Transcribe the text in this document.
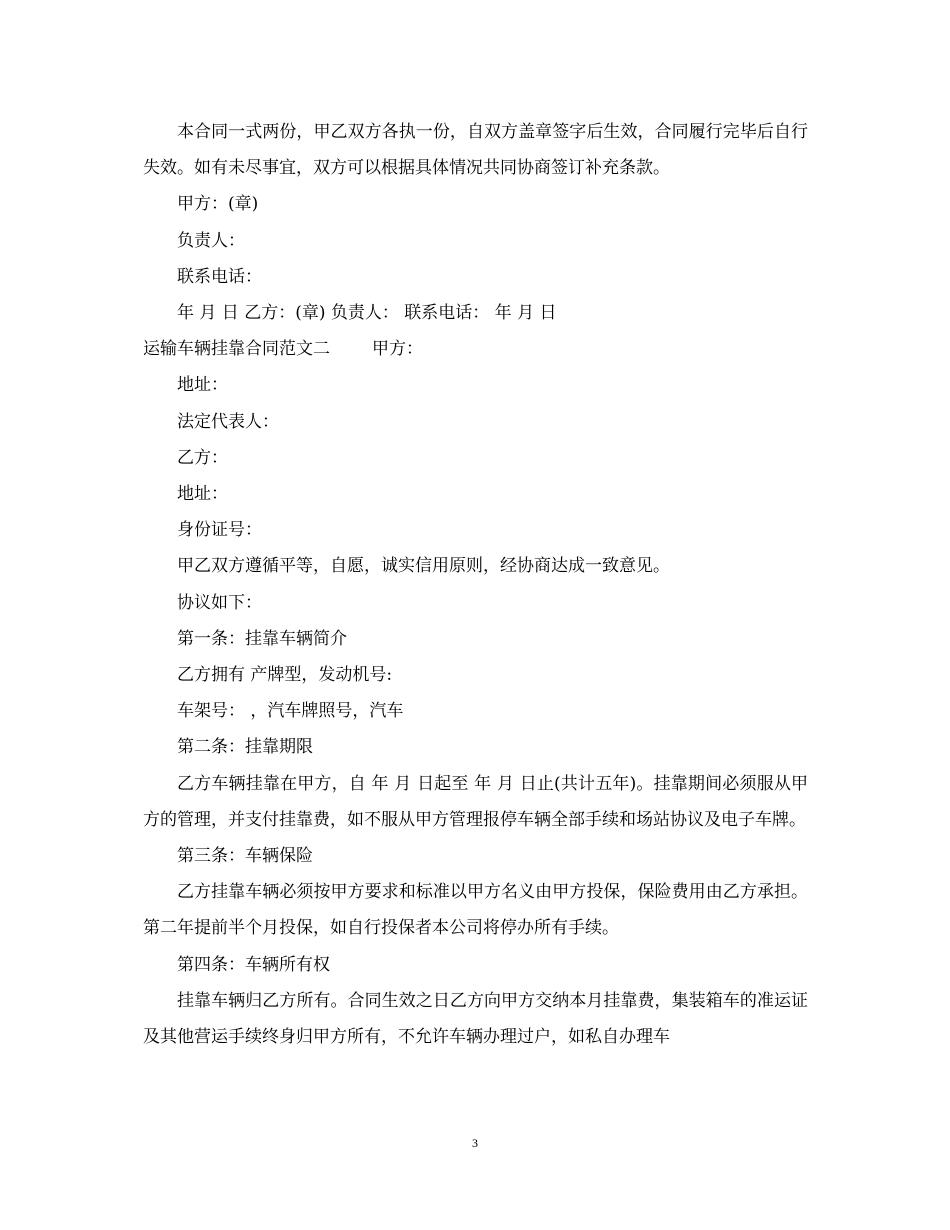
本合同一式两份，甲乙双方各执一份，自双方盖章签字后生效，合同履行完毕后自行失效。如有未尽事宜，双方可以根据具体情况共同协商签订补充条款。

甲方：(章)

负责人：

联系电话：

年 月 日 乙方：(章) 负责人： 联系电话： 年 月 日

运输车辆挂靠合同范文二 甲方：

地址：

法定代表人：

乙方：

地址：

身份证号：

甲乙双方遵循平等，自愿，诚实信用原则，经协商达成一致意见。

协议如下：

第一条：挂靠车辆简介

乙方拥有 产牌型，发动机号:

车架号： ，汽车牌照号，汽车

第二条：挂靠期限

乙方车辆挂靠在甲方，自 年 月 日起至 年 月 日止(共计五年)。挂靠期间必须服从甲方的管理，并支付挂靠费，如不服从甲方管理报停车辆全部手续和场站协议及电子车牌。

第三条：车辆保险

乙方挂靠车辆必须按甲方要求和标准以甲方名义由甲方投保，保险费用由乙方承担。第二年提前半个月投保，如自行投保者本公司将停办所有手续。

第四条：车辆所有权

挂靠车辆归乙方所有。合同生效之日乙方向甲方交纳本月挂靠费，集装箱车的准运证及其他营运手续终身归甲方所有，不允许车辆办理过户，如私自办理车

3
